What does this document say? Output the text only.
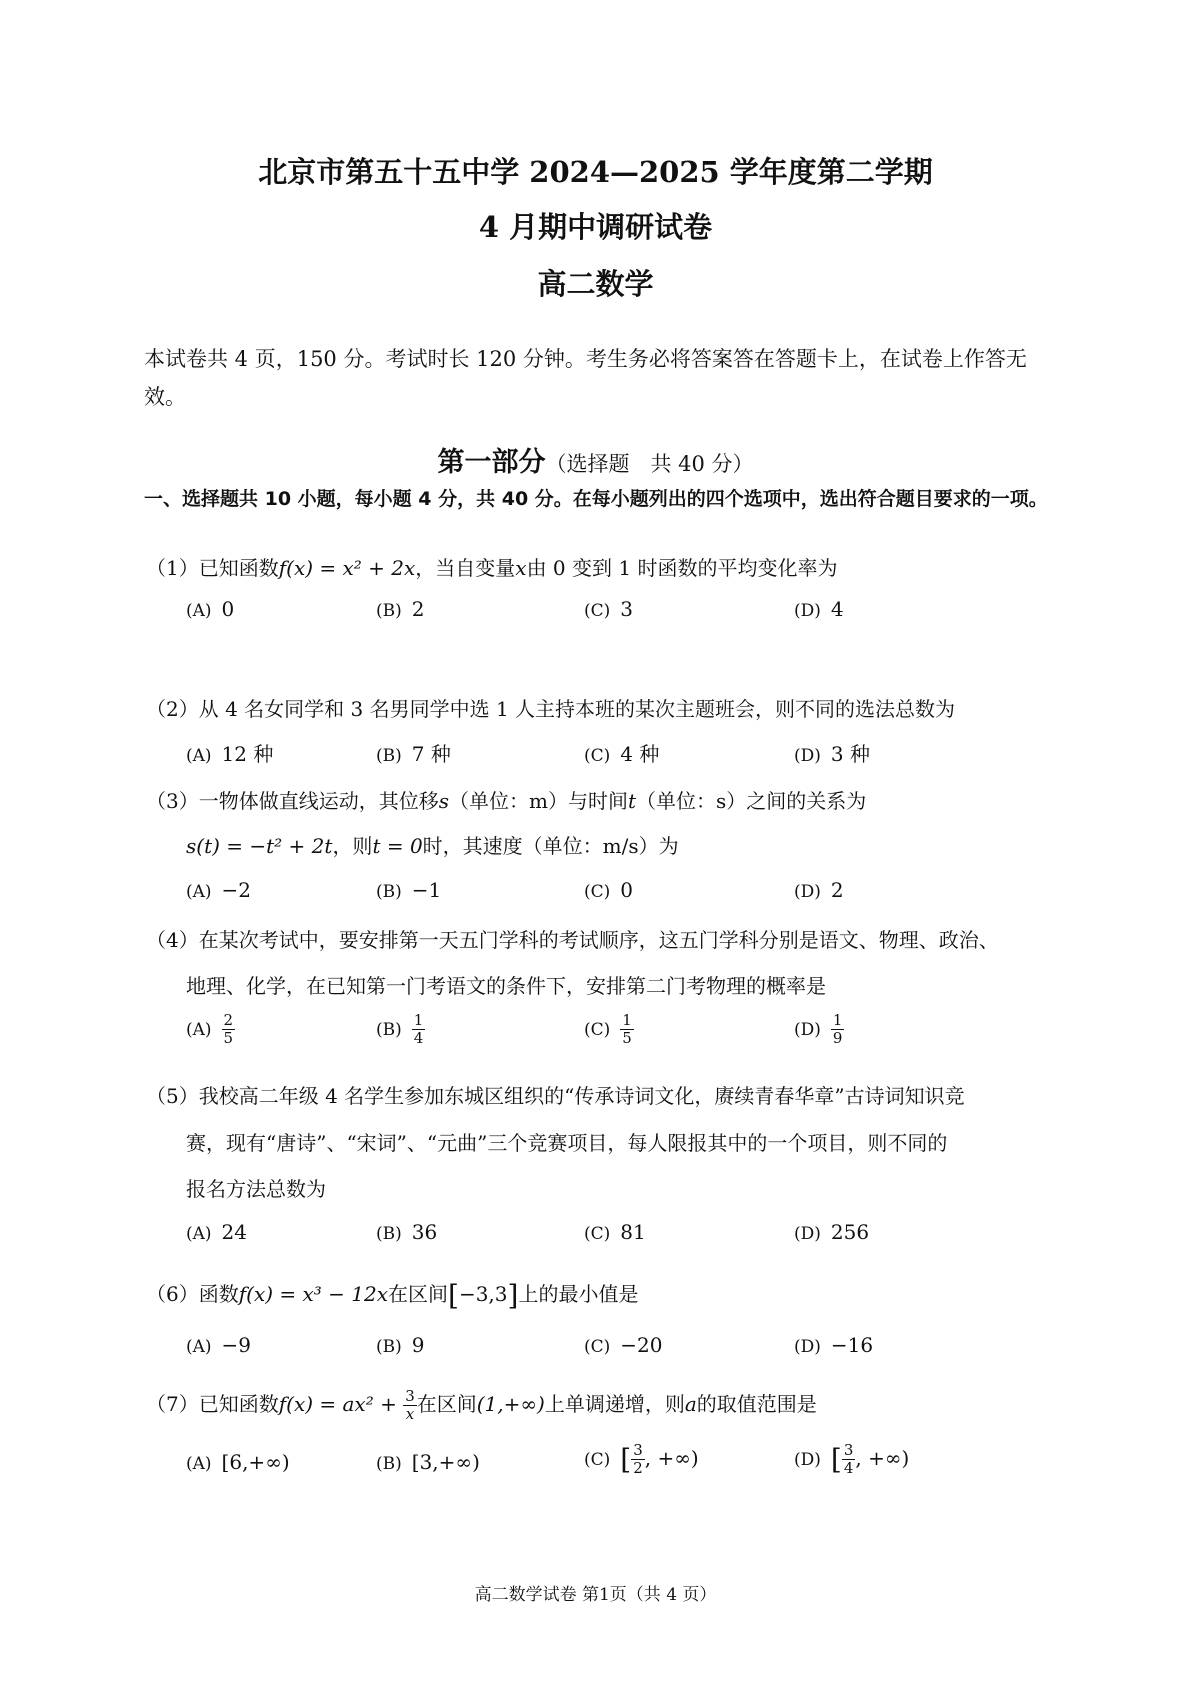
北京市第五十五中学 2024—2025 学年度第二学期
4 月期中调研试卷
高二数学
本试卷共 4 页，150 分。考试时长 120 分钟。考生务必将答案答在答题卡上，在试卷上作答无效。
第一部分（选择题　共 40 分）
一、选择题共 10 小题，每小题 4 分，共 40 分。在每小题列出的四个选项中，选出符合题目要求的一项。
（1）已知函数f(x) = x² + 2x，当自变量x由 0 变到 1 时函数的平均变化率为
(A) 0	(B) 2	(C) 3	(D) 4
（2）从 4 名女同学和 3 名男同学中选 1 人主持本班的某次主题班会，则不同的选法总数为
(A) 12 种	(B) 7 种	(C) 4 种	(D) 3 种
（3）一物体做直线运动，其位移s（单位：m）与时间t（单位：s）之间的关系为
s(t) = −t² + 2t，则t = 0时，其速度（单位：m/s）为
(A) −2	(B) −1	(C) 0	(D) 2
（4）在某次考试中，要安排第一天五门学科的考试顺序，这五门学科分别是语文、物理、政治、
地理、化学，在已知第一门考语文的条件下，安排第二门考物理的概率是
$(A) \frac{2}{5}$	$(B) \frac{1}{4}$	$(C) \frac{1}{5}$	$(D) \frac{1}{9}$
（5）我校高二年级 4 名学生参加东城区组织的“传承诗词文化，赓续青春华章”古诗词知识竞
赛，现有“唐诗”、“宋词”、“元曲”三个竞赛项目，每人限报其中的一个项目，则不同的
报名方法总数为
(A) 24	(B) 36	(C) 81	(D) 256
（6）函数f(x) = x³ − 12x在区间[−3,3]上的最小值是
(A) −9	(B) 9	(C) −20	(D) −16
（7）已知函数$f(x) = ax^2 + \frac{3}{x}$ 在区间(1,+∞)上单调递增，则a的取值范围是
(A) [6,+∞)	(B) [3,+∞)	(C) [ $\frac{3}{2}$ , +∞)	(D) [ $\frac{3}{4}$ , +∞)
高二数学试卷 第1页（共 4 页）
